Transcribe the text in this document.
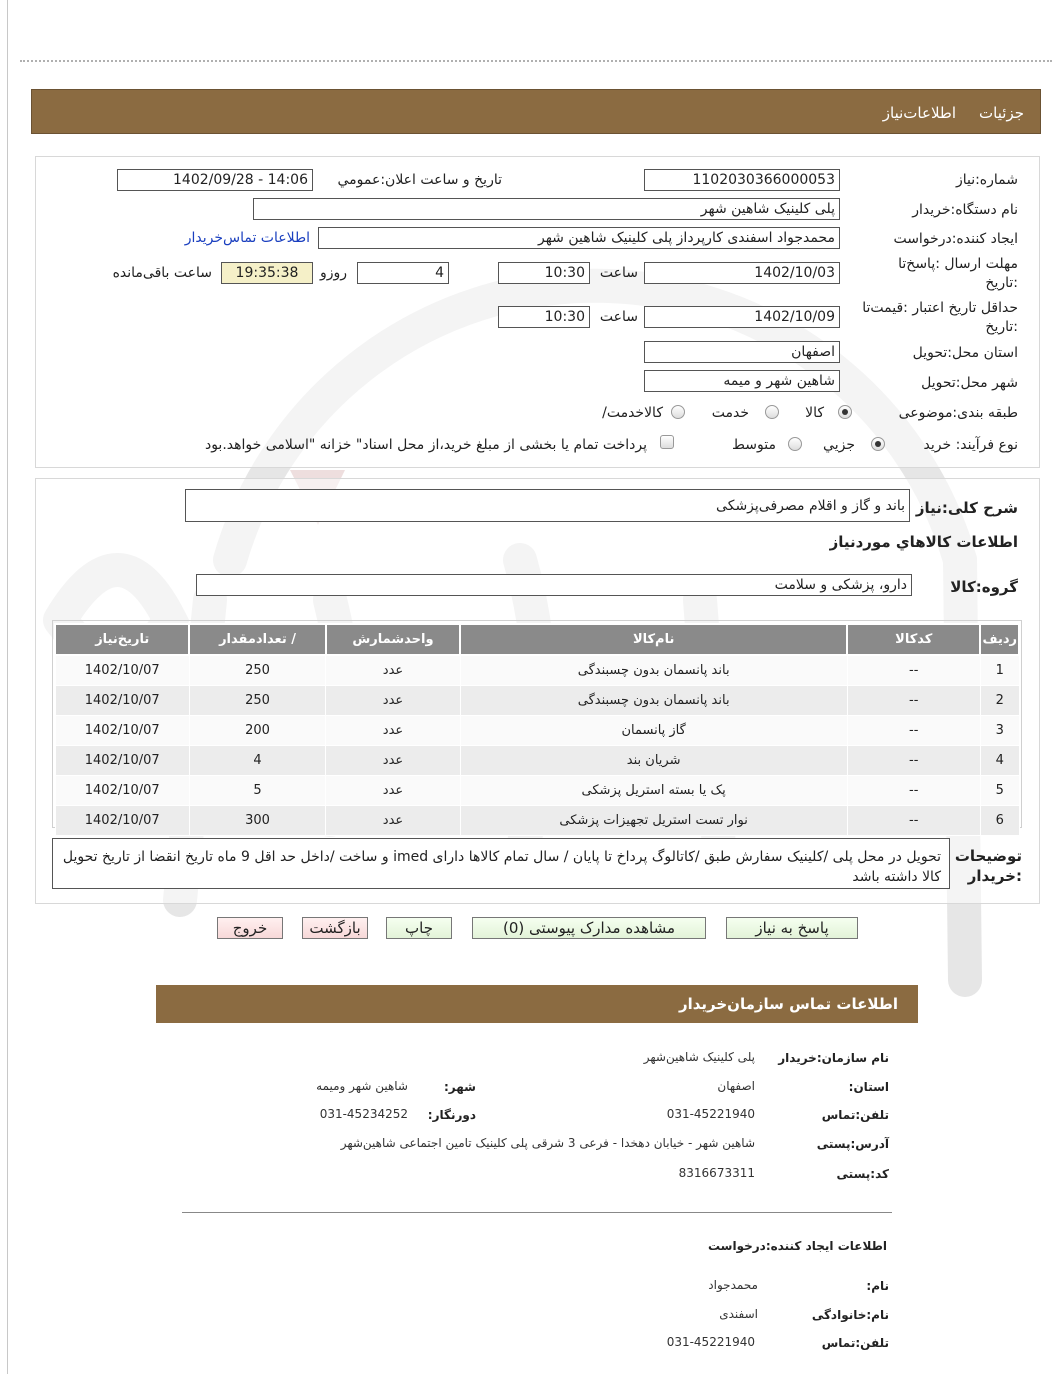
جزئیات
اطلاعات‌نیاز
شماره:نیاز
1102030366000053
تاریخ و ساعت اعلان:عمومي
1402/09/28 - 14:06
نام دستگاه:خریدار
پلی کلینیک شاهین شهر
ایجاد کننده:درخواست
محمدجواد اسفندی کارپرداز پلی کلینیک شاهین شهر
اطلاعات تماس‌خریدار
مهلت ارسال :پاسخ‌تا
:تاریخ
1402/10/03
ساعت
10:30
4
روزو
19:35:38
ساعت باقی‌مانده
حداقل تاریخ اعتبار :قیمت‌تا
:تاریخ
1402/10/09
ساعت
10:30
استان محل:تحویل
اصفهان
شهر محل:تحویل
شاهین شهر و میمه
طبقه بندی:موضوعی
کالا
خدمت
کالاخدمت/
نوع فرآیند: خرید
جزيي
متوسط
پرداخت تمام یا بخشی از مبلغ خرید،از محل اسناد" خزانه "اسلامی خواهد.بود
شرح کلی:نیاز
باند و گاز و اقلام مصرفی‌پزشکی
اطلاعات كالاهاي موردنیاز
گروه:کالا
دارو، پزشکی و سلامت
ردیف	کدکالا	نام‌کالا	واحدشمارش	/ تعدادمقدار	تاریخ‌نیاز
1	--	باند پانسمان بدون چسبندگی	عدد	250	1402/10/07
2	--	باند پانسمان بدون چسبندگی	عدد	250	1402/10/07
3	--	گاز پانسمان	عدد	200	1402/10/07
4	--	شریان بند	عدد	4	1402/10/07
5	--	پک یا بسته استریل پزشکی	عدد	5	1402/10/07
6	--	نوار تست استریل تجهیزات پزشکی	عدد	300	1402/10/07
توضیحات
:خریدار
تحویل در محل پلی /کلینیک سفارش طبق /کاتالوگ پرداخ تا پایان / سال تمام کالاها دارای imed و ساخت /داخل حد اقل 9 ماه تاریخ انقضا از تاریخ تحویل کالا داشته باشد
پاسخ به نیاز
مشاهده مدارک پیوستی (0)
چاپ
بازگشت
خروج
اطلاعات تماس سازمان‌خریدار
نام سازمان:خریدار
پلی کلینیک شاهین‌شهر
استان:
اصفهان
شهر:
شاهین شهر ومیمه
تلفن:تماس
031-45221940
دورنگار:
031-45234252
آدرس:پستی
شاهین شهر - خیابان دهخدا - فرعی 3 شرقی پلی کلینیک تامین اجتماعی شاهین‌شهر
کد:پستی
8316673311
اطلاعات ایجاد کننده:درخواست
نام:
محمدجواد
نام:خانوادگی
اسفندی
تلفن:تماس
031-45221940
